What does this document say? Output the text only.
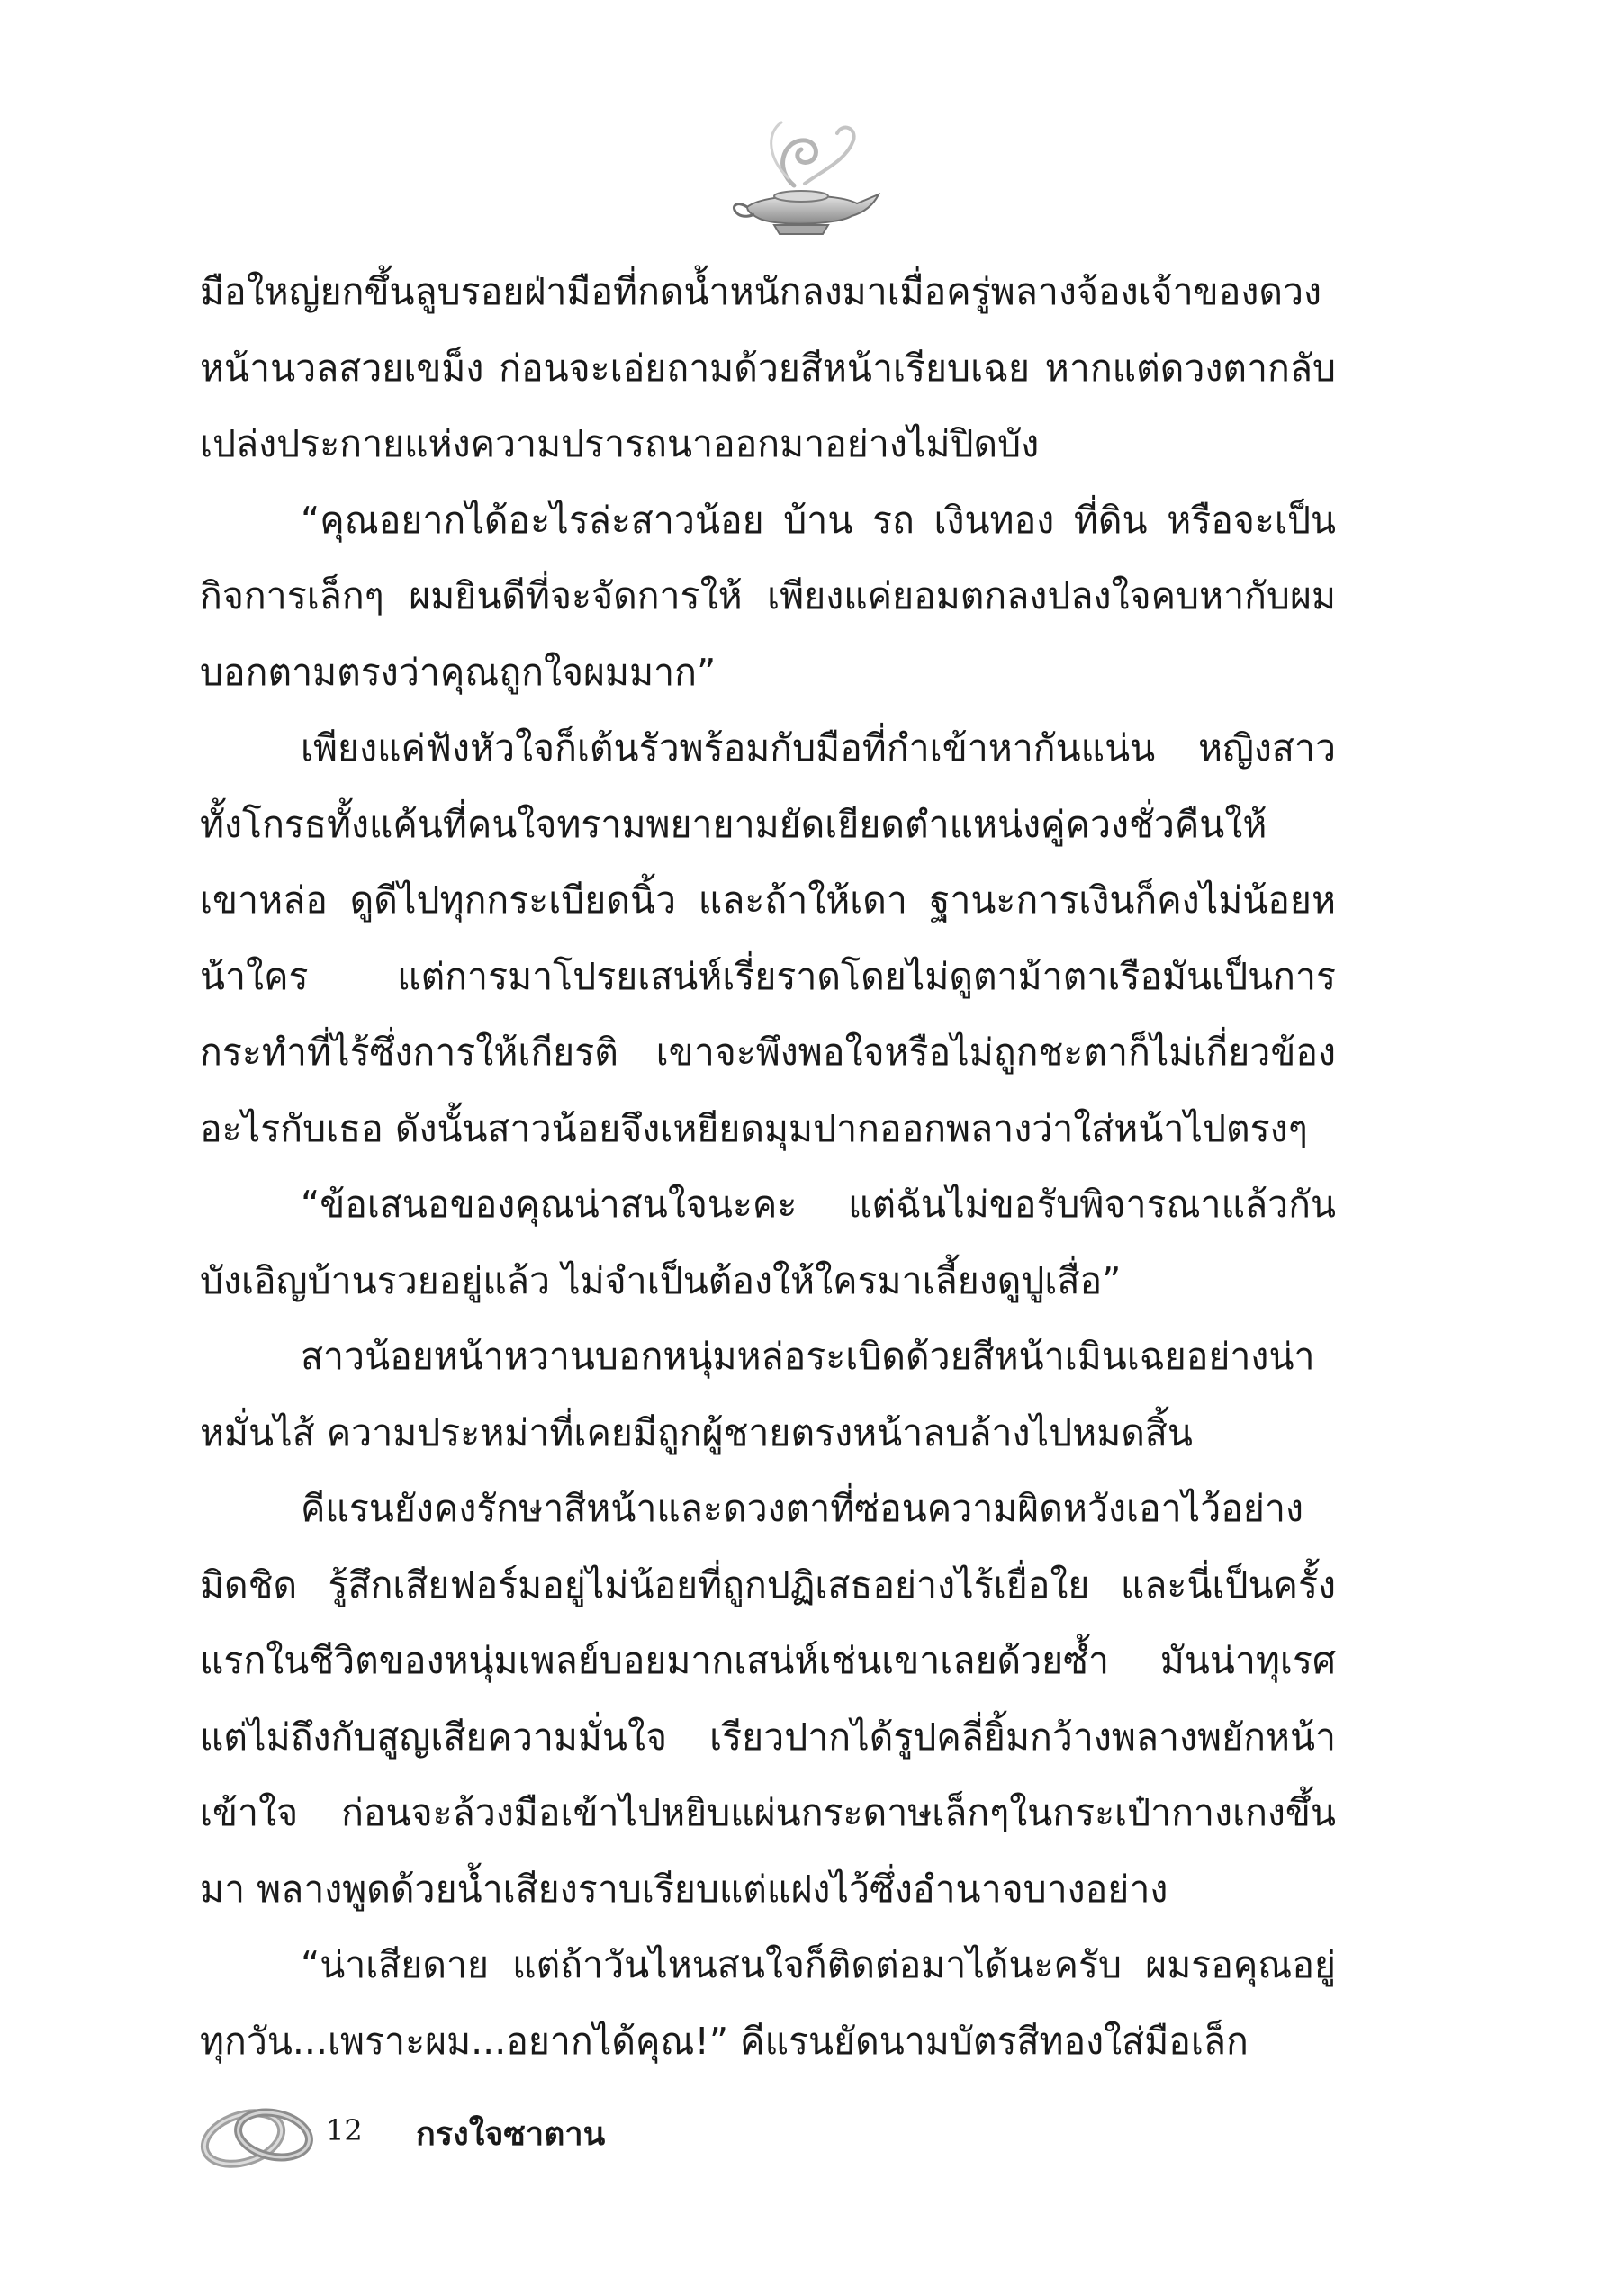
มือใหญ่ยกขึ้นลูบรอยฝ่ามือที่กดน้ำหนักลงมาเมื่อครู่พลางจ้องเจ้าของดวงหน้านวลสวยเขม็ง ก่อนจะเอ่ยถามด้วยสีหน้าเรียบเฉย หากแต่ดวงตากลับเปล่งประกายแห่งความปรารถนาออกมาอย่างไม่ปิดบัง

“คุณอยากได้อะไรล่ะสาวน้อย บ้าน รถ เงินทอง ที่ดิน หรือจะเป็นกิจการเล็กๆ ผมยินดีที่จะจัดการให้ เพียงแค่ยอมตกลงปลงใจคบหากับผม บอกตามตรงว่าคุณถูกใจผมมาก”

เพียงแค่ฟังหัวใจก็เต้นรัวพร้อมกับมือที่กำเข้าหากันแน่น หญิงสาวทั้งโกรธทั้งแค้นที่คนใจทรามพยายามยัดเยียดตำแหน่งคู่ควงชั่วคืนให้ เขาหล่อ ดูดีไปทุกกระเบียดนิ้ว และถ้าให้เดา ฐานะการเงินก็คงไม่น้อยหน้าใคร แต่การมาโปรยเสน่ห์เรี่ยราดโดยไม่ดูตาม้าตาเรือมันเป็นการกระทำที่ไร้ซึ่งการให้เกียรติ เขาจะพึงพอใจหรือไม่ถูกชะตาก็ไม่เกี่ยวข้องอะไรกับเธอ ดังนั้นสาวน้อยจึงเหยียดมุมปากออกพลางว่าใส่หน้าไปตรงๆ

“ข้อเสนอของคุณน่าสนใจนะคะ แต่ฉันไม่ขอรับพิจารณาแล้วกัน บังเอิญบ้านรวยอยู่แล้ว ไม่จำเป็นต้องให้ใครมาเลี้ยงดูปูเสื่อ”

สาวน้อยหน้าหวานบอกหนุ่มหล่อระเบิดด้วยสีหน้าเมินเฉยอย่างน่าหมั่นไส้ ความประหม่าที่เคยมีถูกผู้ชายตรงหน้าลบล้างไปหมดสิ้น

คีแรนยังคงรักษาสีหน้าและดวงตาที่ซ่อนความผิดหวังเอาไว้อย่างมิดชิด รู้สึกเสียฟอร์มอยู่ไม่น้อยที่ถูกปฏิเสธอย่างไร้เยื่อใย และนี่เป็นครั้งแรกในชีวิตของหนุ่มเพลย์บอยมากเสน่ห์เช่นเขาเลยด้วยซ้ำ มันน่าทุเรศ แต่ไม่ถึงกับสูญเสียความมั่นใจ เรียวปากได้รูปคลี่ยิ้มกว้างพลางพยักหน้าเข้าใจ ก่อนจะล้วงมือเข้าไปหยิบแผ่นกระดาษเล็กๆในกระเป๋ากางเกงขึ้นมา พลางพูดด้วยน้ำเสียงราบเรียบแต่แฝงไว้ซึ่งอำนาจบางอย่าง

“น่าเสียดาย แต่ถ้าวันไหนสนใจก็ติดต่อมาได้นะครับ ผมรอคุณอยู่ทุกวัน...เพราะผม...อยากได้คุณ!” คีแรนยัดนามบัตรสีทองใส่มือเล็ก

12 กรงใจซาตาน
